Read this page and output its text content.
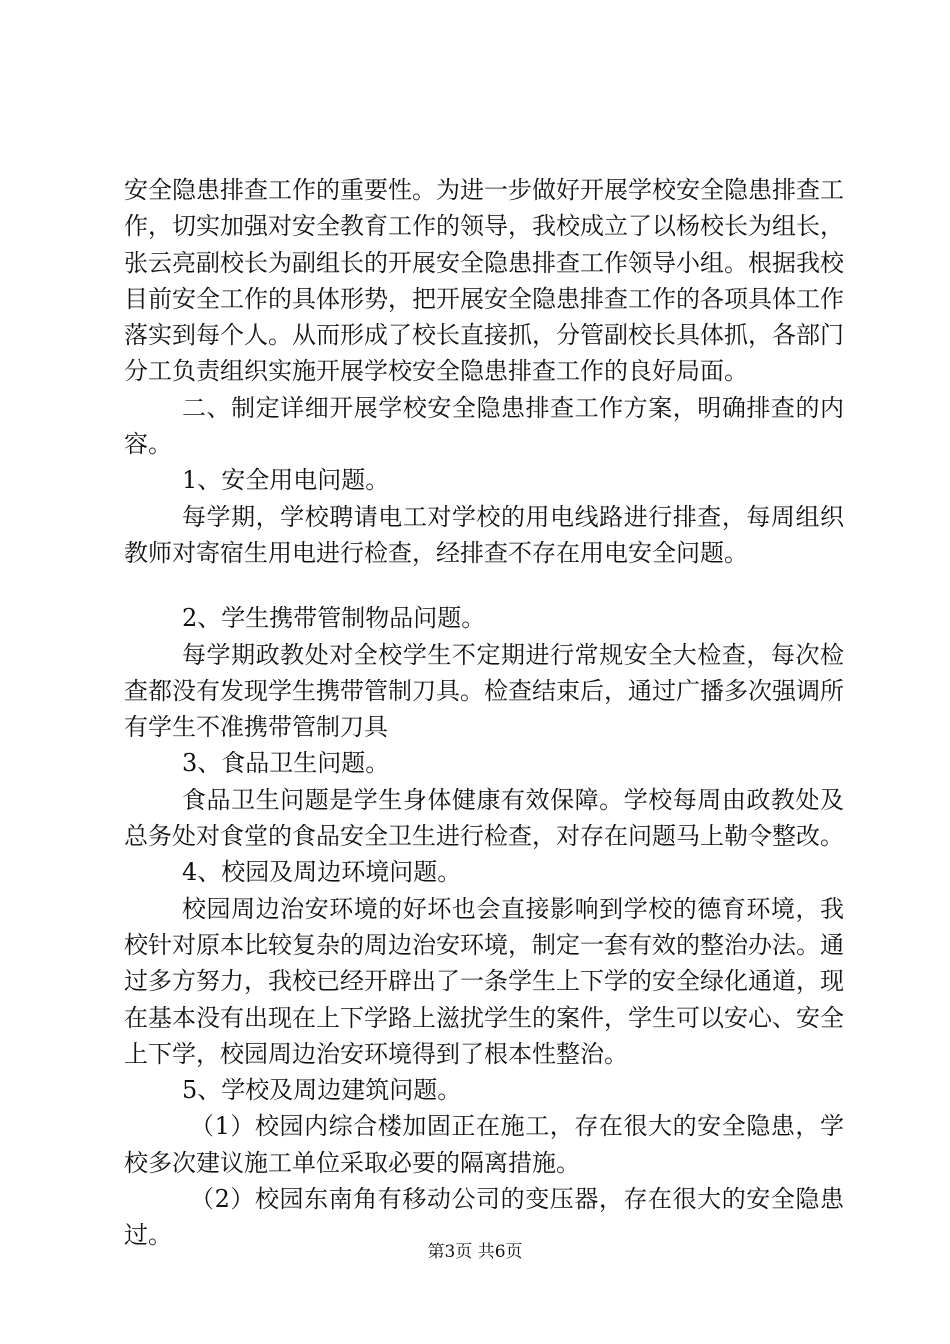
安全隐患排查工作的重要性。为进一步做好开展学校安全隐患排查工作，切实加强对安全教育工作的领导，我校成立了以杨校长为组长，张云亮副校长为副组长的开展安全隐患排查工作领导小组。根据我校目前安全工作的具体形势，把开展安全隐患排查工作的各项具体工作落实到每个人。从而形成了校长直接抓，分管副校长具体抓，各部门分工负责组织实施开展学校安全隐患排查工作的良好局面。

二、制定详细开展学校安全隐患排查工作方案，明确排查的内容。

1、安全用电问题。

每学期，学校聘请电工对学校的用电线路进行排查，每周组织教师对寄宿生用电进行检查，经排查不存在用电安全问题。

2、学生携带管制物品问题。

每学期政教处对全校学生不定期进行常规安全大检查，每次检查都没有发现学生携带管制刀具。检查结束后，通过广播多次强调所有学生不准携带管制刀具

3、食品卫生问题。

食品卫生问题是学生身体健康有效保障。学校每周由政教处及总务处对食堂的食品安全卫生进行检查，对存在问题马上勒令整改。

4、校园及周边环境问题。

校园周边治安环境的好坏也会直接影响到学校的德育环境，我校针对原本比较复杂的周边治安环境，制定一套有效的整治办法。通过多方努力，我校已经开辟出了一条学生上下学的安全绿化通道，现在基本没有出现在上下学路上滋扰学生的案件，学生可以安心、安全上下学，校园周边治安环境得到了根本性整治。

5、学校及周边建筑问题。

（1）校园内综合楼加固正在施工，存在很大的安全隐患，学校多次建议施工单位采取必要的隔离措施。

（2）校园东南角有移动公司的变压器，存在很大的安全隐患过。

第3页 共6页
